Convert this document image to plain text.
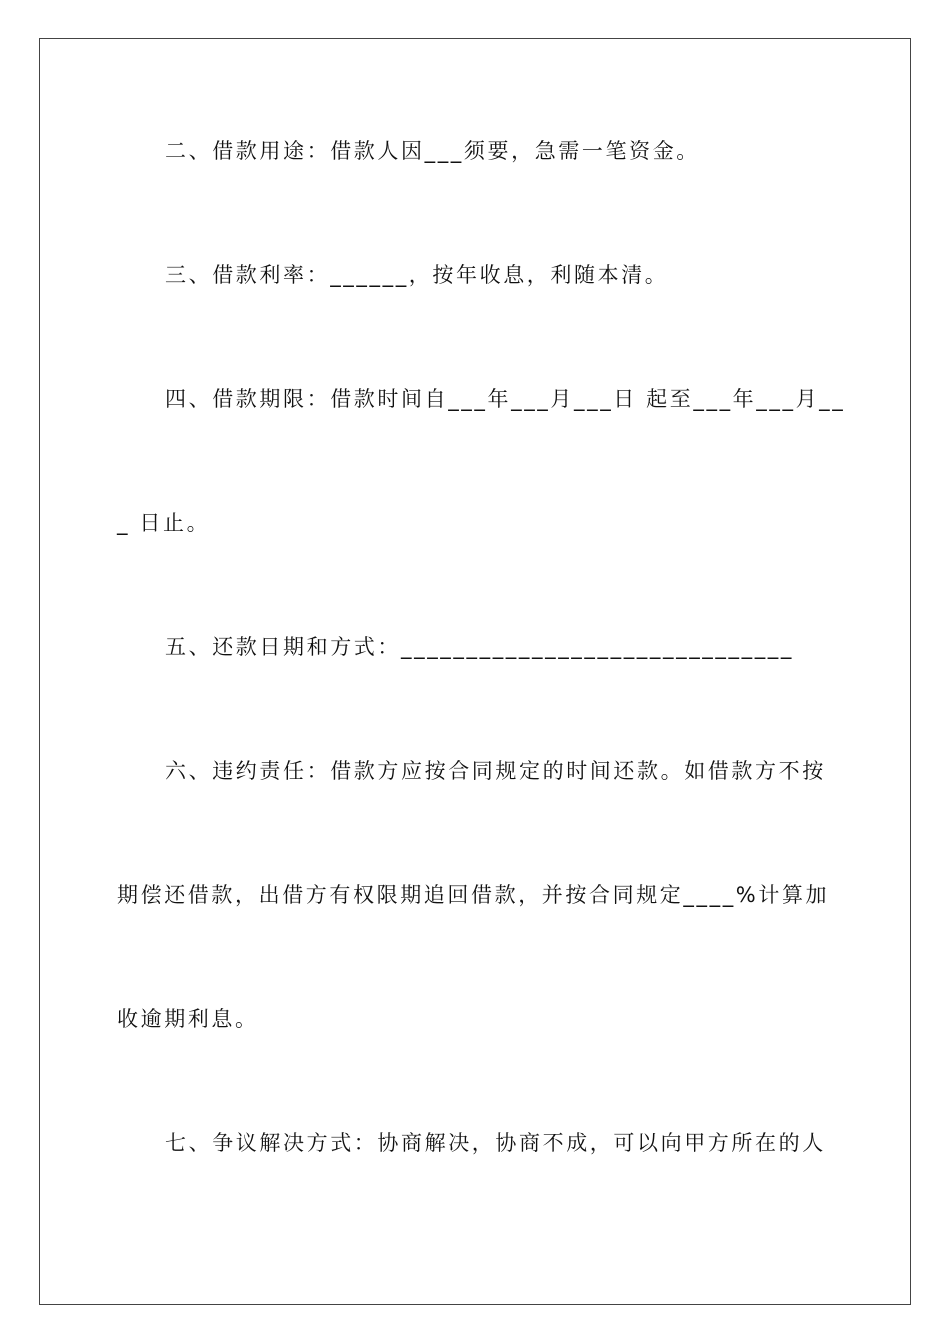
二、借款用途：借款人因___须要，急需一笔资金。
三、借款利率：______，按年收息，利随本清。
四、借款期限：借款时间自___年___月___日 起至___年___月__
_ 日止。
五、还款日期和方式：______________________________
六、违约责任：借款方应按合同规定的时间还款。如借款方不按
期偿还借款，出借方有权限期追回借款，并按合同规定____%计算加
收逾期利息。
七、争议解决方式：协商解决，协商不成，可以向甲方所在的人
